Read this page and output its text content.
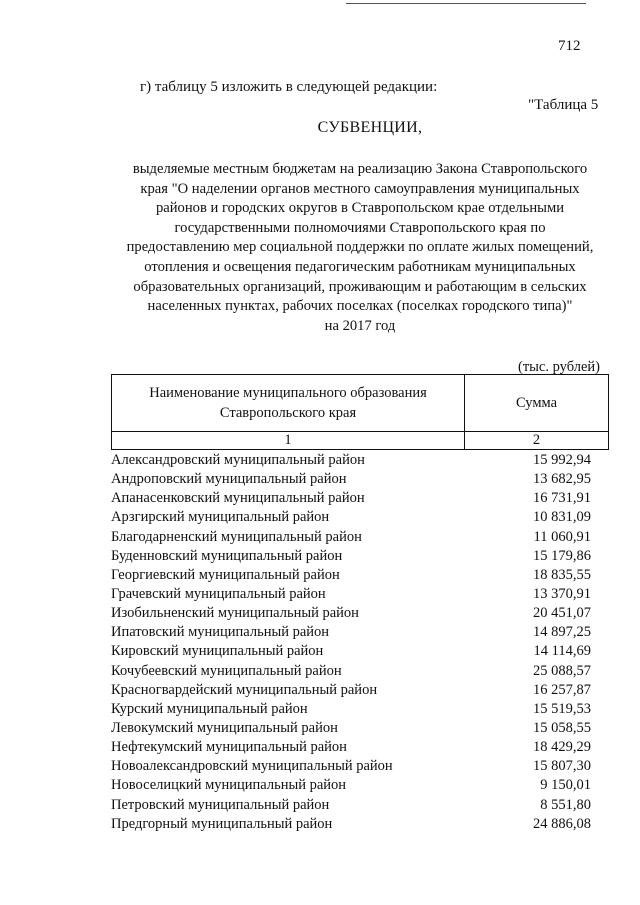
712
г) таблицу 5 изложить в следующей редакции:
"Таблица 5
СУБВЕНЦИИ,
выделяемые местным бюджетам на реализацию Закона Ставропольского
края "О наделении органов местного самоуправления муниципальных
районов и городских округов в Ставропольском крае отдельными
государственными полномочиями Ставропольского края по
предоставлению мер социальной поддержки по оплате жилых помещений,
отопления и освещения педагогическим работникам муниципальных
образовательных организаций, проживающим и работающим в сельских
населенных пунктах, рабочих поселках (поселках городского типа)"
на 2017 год
(тыс. рублей)
Наименование муниципального образования
Ставропольского края	Сумма
1	2
Александровский муниципальный район	15 992,94
Андроповский муниципальный район	13 682,95
Апанасенковский муниципальный район	16 731,91
Арзгирский муниципальный район	10 831,09
Благодарненский муниципальный район	11 060,91
Буденновский муниципальный район	15 179,86
Георгиевский муниципальный район	18 835,55
Грачевский муниципальный район	13 370,91
Изобильненский муниципальный район	20 451,07
Ипатовский муниципальный район	14 897,25
Кировский муниципальный район	14 114,69
Кочубеевский муниципальный район	25 088,57
Красногвардейский муниципальный район	16 257,87
Курский муниципальный район	15 519,53
Левокумский муниципальный район	15 058,55
Нефтекумский муниципальный район	18 429,29
Новоалександровский муниципальный район	15 807,30
Новоселицкий муниципальный район	9 150,01
Петровский муниципальный район	8 551,80
Предгорный муниципальный район	24 886,08
